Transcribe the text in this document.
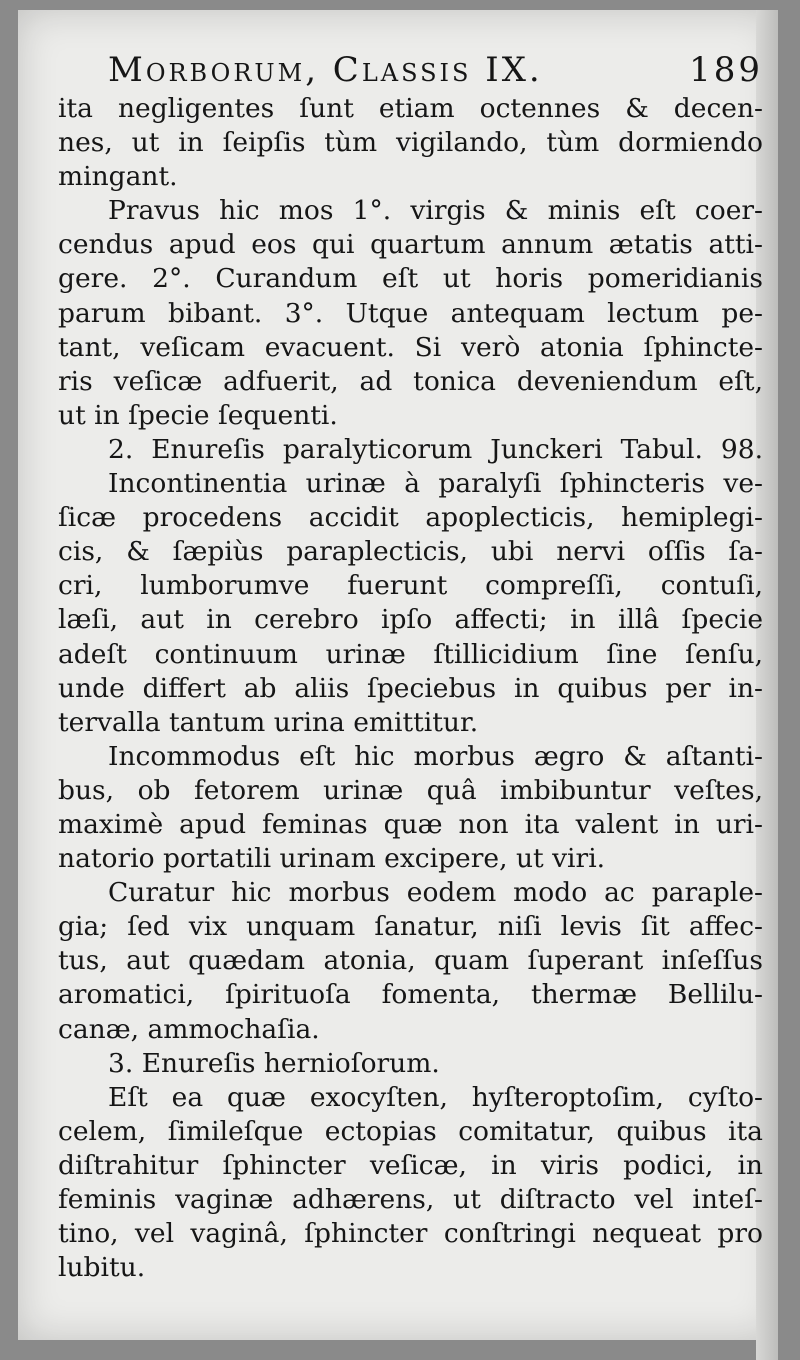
Morborum, Classis IX.	189
ita negligentes ſunt etiam octennes & decen-
nes, ut in ſeipſis tùm vigilando, tùm dormiendo
mingant.
Pravus hic mos 1°. virgis & minis eſt coer-
cendus apud eos qui quartum annum ætatis atti-
gere. 2°. Curandum eſt ut horis pomeridianis
parum bibant. 3°. Utque antequam lectum pe-
tant, veſicam evacuent. Si verò atonia ſphincte-
ris veſicæ adfuerit, ad tonica deveniendum eſt,
ut in ſpecie ſequenti.
2. Enureſis paralyticorum Junckeri Tabul. 98.
Incontinentia urinæ à paralyſi ſphincteris ve-
ſicæ procedens accidit apoplecticis, hemiplegi-
cis, & ſæpiùs paraplecticis, ubi nervi oſſis ſa-
cri, lumborumve fuerunt compreſſi, contuſi,
læſi, aut in cerebro ipſo affecti; in illâ ſpecie
adeſt continuum urinæ ſtillicidium ſine ſenſu,
unde differt ab aliis ſpeciebus in quibus per in-
tervalla tantum urina emittitur.
Incommodus eſt hic morbus ægro & aſtanti-
bus, ob fetorem urinæ quâ imbibuntur veſtes,
maximè apud feminas quæ non ita valent in uri-
natorio portatili urinam excipere, ut viri.
Curatur hic morbus eodem modo ac paraple-
gia; ſed vix unquam ſanatur, niſi levis ſit affec-
tus, aut quædam atonia, quam ſuperant inſeſſus
aromatici, ſpirituoſa fomenta, thermæ Bellilu-
canæ, ammochaſia.
3. Enureſis hernioſorum.
Eſt ea quæ exocyſten, hyſteroptoſim, cyſto-
celem, ſimileſque ectopias comitatur, quibus ita
diſtrahitur ſphincter veſicæ, in viris podici, in
feminis vaginæ adhærens, ut diſtracto vel inteſ-
tino, vel vaginâ, ſphincter conſtringi nequeat pro
lubitu.
